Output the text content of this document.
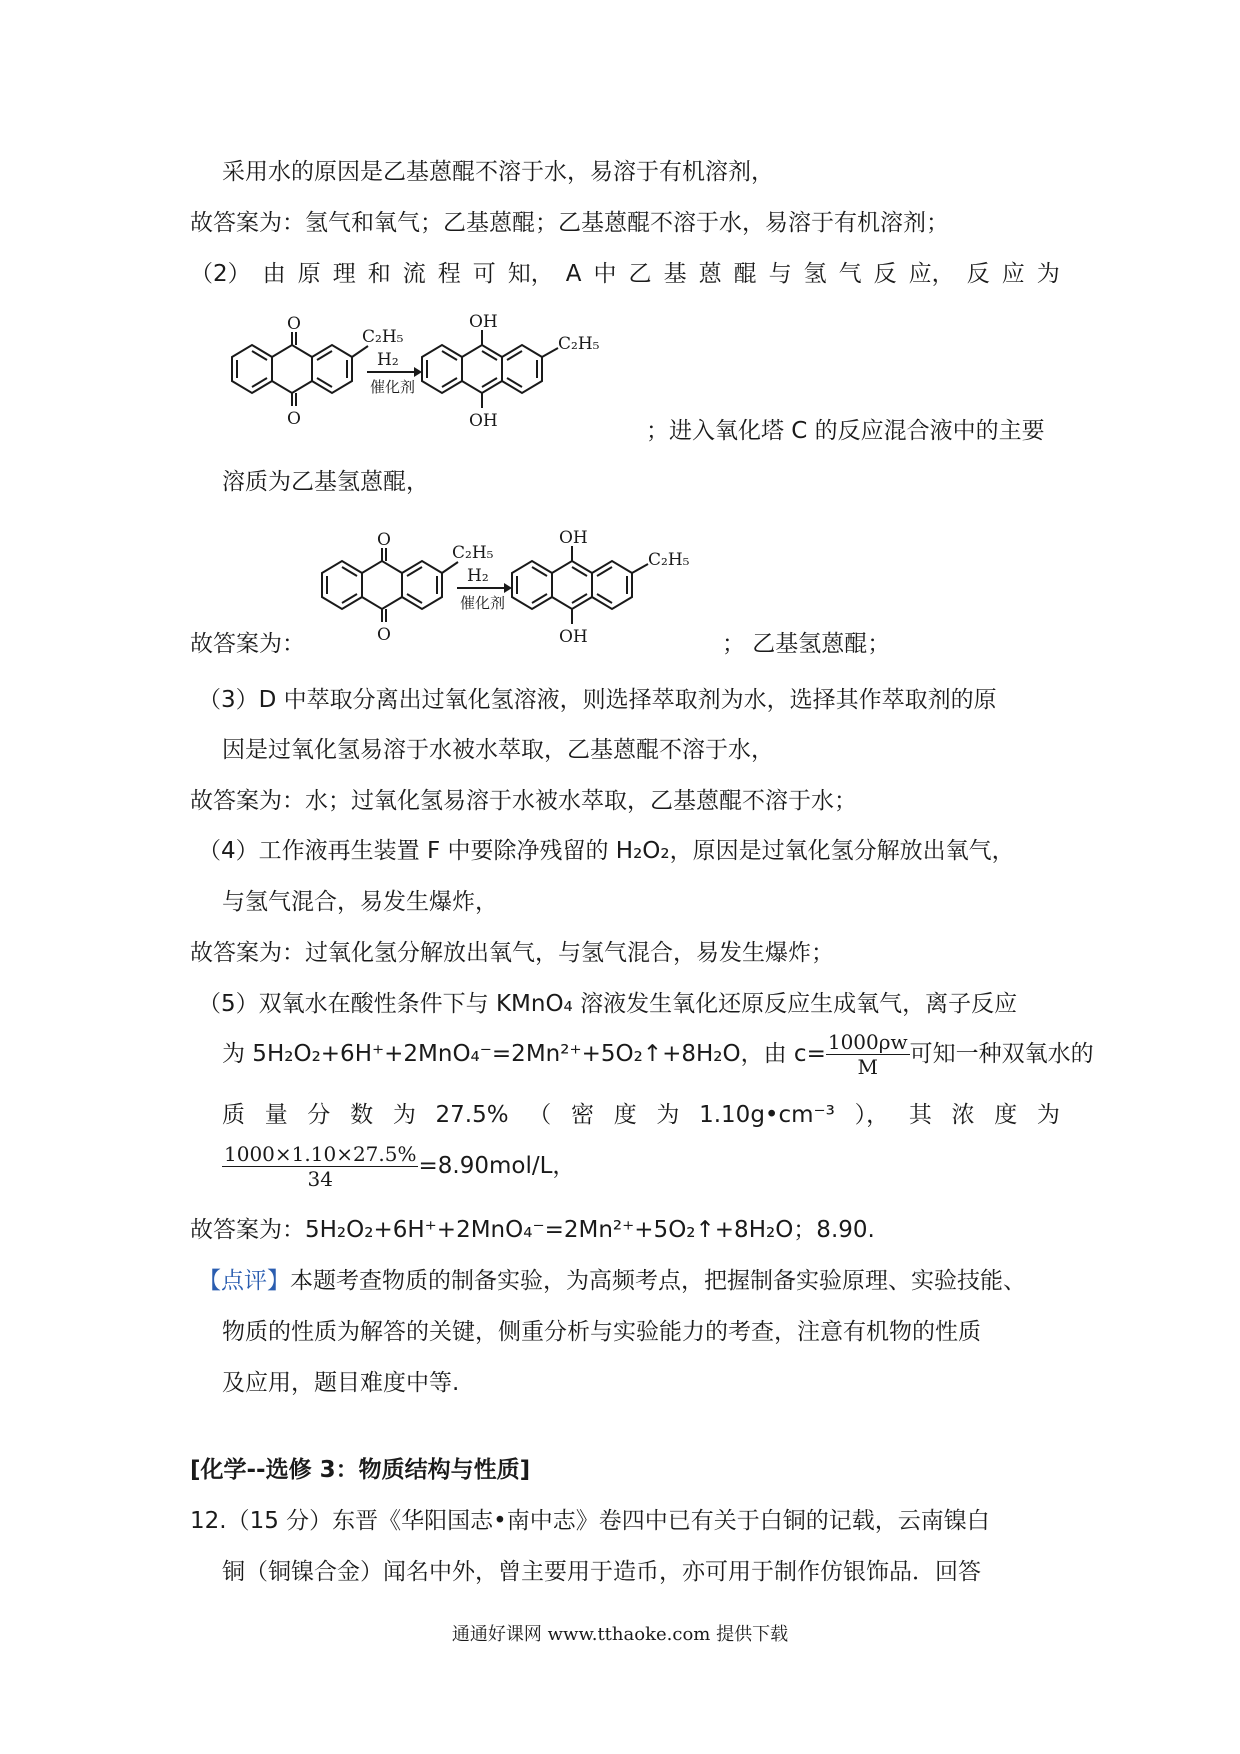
采用水的原因是乙基蒽醌不溶于水，易溶于有机溶剂，
故答案为：氢气和氧气；乙基蒽醌；乙基蒽醌不溶于水，易溶于有机溶剂；
（2） 由 原 理 和 流 程 可 知， A 中 乙 基 蒽 醌 与 氢 气 反 应， 反 应 为
O
O
C₂H₅
H₂
催化剂
OH
OH
C₂H₅
；进入氧化塔 C 的反应混合液中的主要
溶质为乙基氢蒽醌，
故答案为：
O
O
C₂H₅
H₂
催化剂
OH
OH
C₂H₅
； 乙基氢蒽醌；
（3）D 中萃取分离出过氧化氢溶液，则选择萃取剂为水，选择其作萃取剂的原
因是过氧化氢易溶于水被水萃取，乙基蒽醌不溶于水，
故答案为：水；过氧化氢易溶于水被水萃取，乙基蒽醌不溶于水；
（4）工作液再生装置 F 中要除净残留的 H₂O₂，原因是过氧化氢分解放出氧气，
与氢气混合，易发生爆炸，
故答案为：过氧化氢分解放出氧气，与氢气混合，易发生爆炸；
（5）双氧水在酸性条件下与 KMnO₄ 溶液发生氧化还原反应生成氧气，离子反应
为 5H₂O₂+6H⁺+2MnO₄⁻=2Mn²⁺+5O₂↑+8H₂O，由 $c= \frac{1000\rho w}{M}$ 可知一种双氧水的
质 量 分 数 为 27.5% （ 密 度 为 1.10g•cm⁻³ ）， 其 浓 度 为
$\frac{1000\times 1.10\times 27.5\%}{34} =8.90mol/L$，
故答案为：5H₂O₂+6H⁺+2MnO₄⁻=2Mn²⁺+5O₂↑+8H₂O；8.90.
【点评】本题考查物质的制备实验，为高频考点，把握制备实验原理、实验技能、
物质的性质为解答的关键，侧重分析与实验能力的考查，注意有机物的性质
及应用，题目难度中等.
[化学--选修 3：物质结构与性质]
12.（15 分）东晋《华阳国志•南中志》卷四中已有关于白铜的记载，云南镍白
铜（铜镍合金）闻名中外，曾主要用于造币，亦可用于制作仿银饰品．回答
通通好课网 www.tthaoke.com 提供下载
